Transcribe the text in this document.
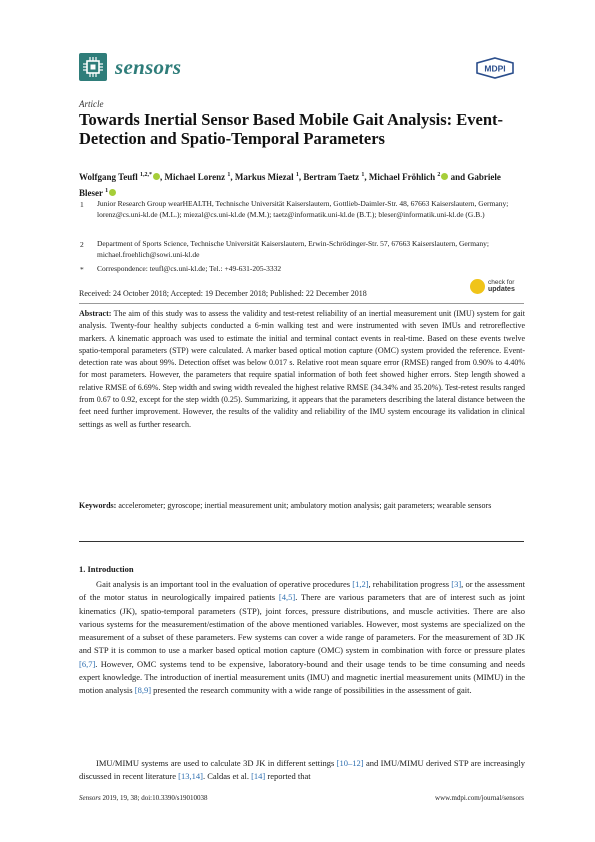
sensors	MDPI
Article
Towards Inertial Sensor Based Mobile Gait Analysis: Event-Detection and Spatio-Temporal Parameters
Wolfgang Teufl $^{1,2,*}$ , Michael Lorenz $^1$, Markus Miezal $^1$, Bertram Taetz $^1$, Michael Fröhlich $^2$ and Gabriele Bleser $^1$
1 Junior Research Group wearHEALTH, Technische Universität Kaiserslautern, Gottlieb-Daimler-Str. 48, 67663 Kaiserslautern, Germany; lorenz@cs.uni-kl.de (M.L.); miezal@cs.uni-kl.de (M.M.); taetz@informatik.uni-kl.de (B.T.); bleser@informatik.uni-kl.de (G.B.)
2 Department of Sports Science, Technische Universität Kaiserslautern, Erwin-Schrödinger-Str. 57, 67663 Kaiserslautern, Germany; michael.froehlich@sowi.uni-kl.de
* Correspondence: teufl@cs.uni-kl.de; Tel.: +49-631-205-3332
check for
updates
Received: 24 October 2018; Accepted: 19 December 2018; Published: 22 December 2018
Abstract: The aim of this study was to assess the validity and test-retest reliability of an inertial measurement unit (IMU) system for gait analysis. Twenty-four healthy subjects conducted a 6-min walking test and were instrumented with seven IMUs and retroreflective markers. A kinematic approach was used to estimate the initial and terminal contact events in real-time. Based on these events twelve spatio-temporal parameters (STP) were calculated. A marker based optical motion capture (OMC) system provided the reference. Event-detection rate was about 99%. Detection offset was below 0.017 s. Relative root mean square error (RMSE) ranged from 0.90% to 4.40% for most parameters. However, the parameters that require spatial information of both feet showed higher errors. Step length showed a relative RMSE of 6.69%. Step width and swing width revealed the highest relative RMSE (34.34% and 35.20%). Test-retest results ranged from 0.67 to 0.92, except for the step width (0.25). Summarizing, it appears that the parameters describing the lateral distance between the feet need further improvement. However, the results of the validity and reliability of the IMU system encourage its validation in clinical settings as well as further research.
Keywords: accelerometer; gyroscope; inertial measurement unit; ambulatory motion analysis; gait parameters; wearable sensors
1. Introduction
Gait analysis is an important tool in the evaluation of operative procedures [1,2], rehabilitation progress [3], or the assessment of the motor status in neurologically impaired patients [4,5]. There are various parameters that are of interest such as joint kinematics (JK), spatio-temporal parameters (STP), joint forces, pressure distributions, and muscle activities. There are also various systems for the measurement/estimation of the above mentioned variables. However, most systems are specialized on the measurement of a subset of these parameters. Few systems can cover a wide range of parameters. For the measurement of 3D JK and STP it is common to use a marker based optical motion capture (OMC) system in combination with force or pressure plates [6,7]. However, OMC systems tend to be expensive, laboratory-bound and their usage tends to be time consuming and needs expert knowledge. The introduction of inertial measurement units (IMU) and magnetic inertial measurement units (MIMU) in the motion analysis [8,9] presented the research community with a wide range of possibilities in the assessment of gait.
IMU/MIMU systems are used to calculate 3D JK in different settings [10–12] and IMU/MIMU derived STP are increasingly discussed in recent literature [13,14]. Caldas et al. [14] reported that
Sensors 2019, 19, 38; doi:10.3390/s19010038	www.mdpi.com/journal/sensors
